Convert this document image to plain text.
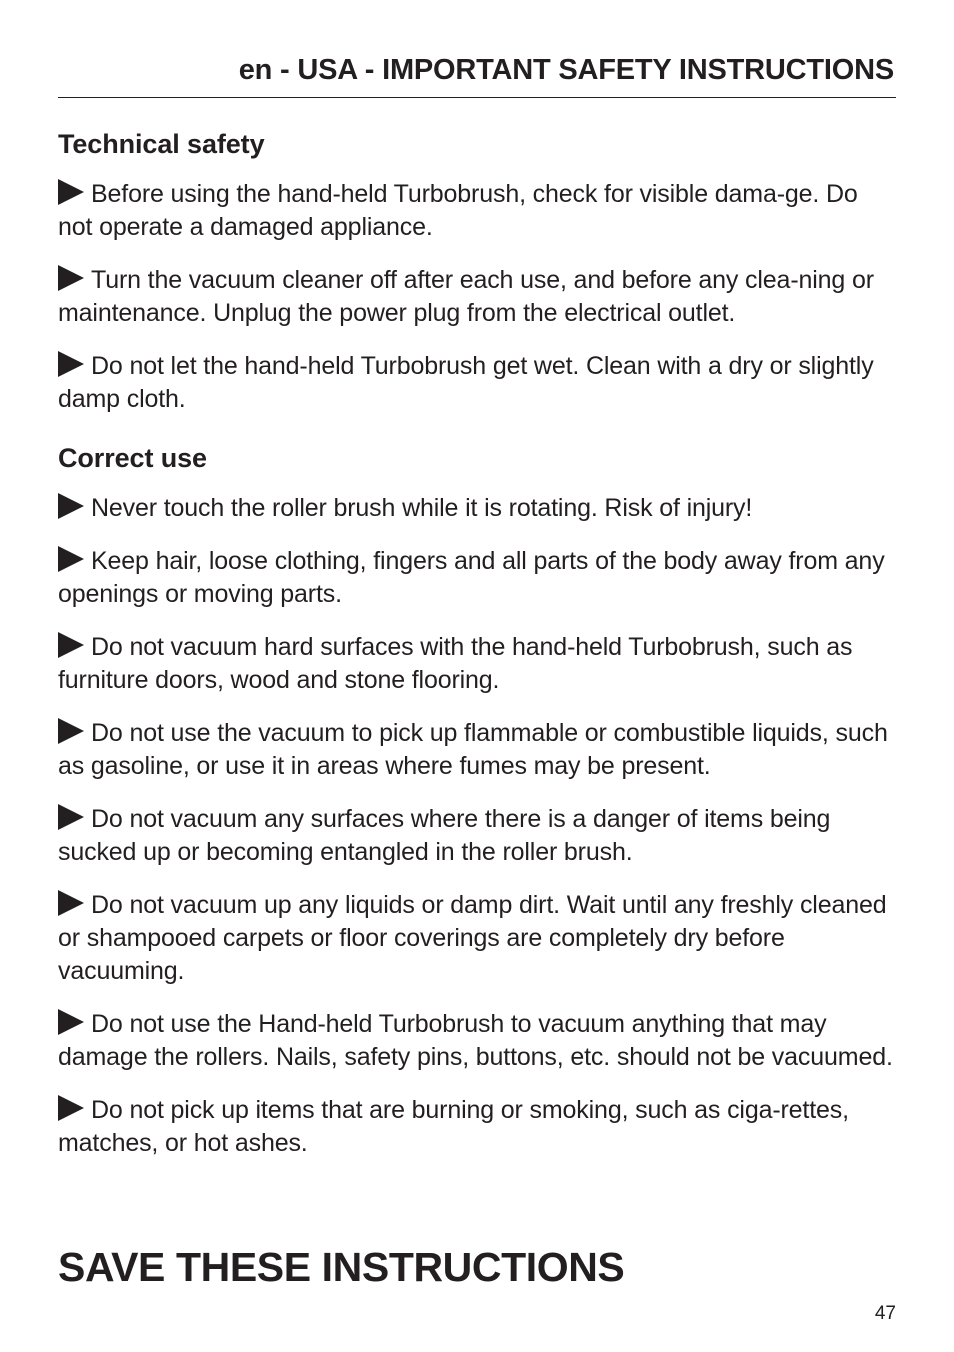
en - USA - IMPORTANT SAFETY INSTRUCTIONS
Technical safety
Before using the hand-held Turbobrush, check for visible dama-ge. Do not operate a damaged appliance.
Turn the vacuum cleaner off after each use, and before any clea-ning or maintenance. Unplug the power plug from the electrical outlet.
Do not let the hand-held Turbobrush get wet. Clean with a dry or slightly damp cloth.
Correct use
Never touch the roller brush while it is rotating. Risk of injury!
Keep hair, loose clothing, fingers and all parts of the body away from any openings or moving parts.
Do not vacuum hard surfaces with the hand-held Turbobrush, such as furniture doors, wood and stone flooring.
Do not use the vacuum to pick up flammable or combustible liquids, such as gasoline, or use it in areas where fumes may be present.
Do not vacuum any surfaces where there is a danger of items being sucked up or becoming entangled in the roller brush.
Do not vacuum up any liquids or damp dirt. Wait until any freshly cleaned or shampooed carpets or floor coverings are completely dry before vacuuming.
Do not use the Hand-held Turbobrush to vacuum anything that may damage the rollers. Nails, safety pins, buttons, etc. should not be vacuumed.
Do not pick up items that are burning or smoking, such as ciga-rettes, matches, or hot ashes.
SAVE THESE INSTRUCTIONS
47
